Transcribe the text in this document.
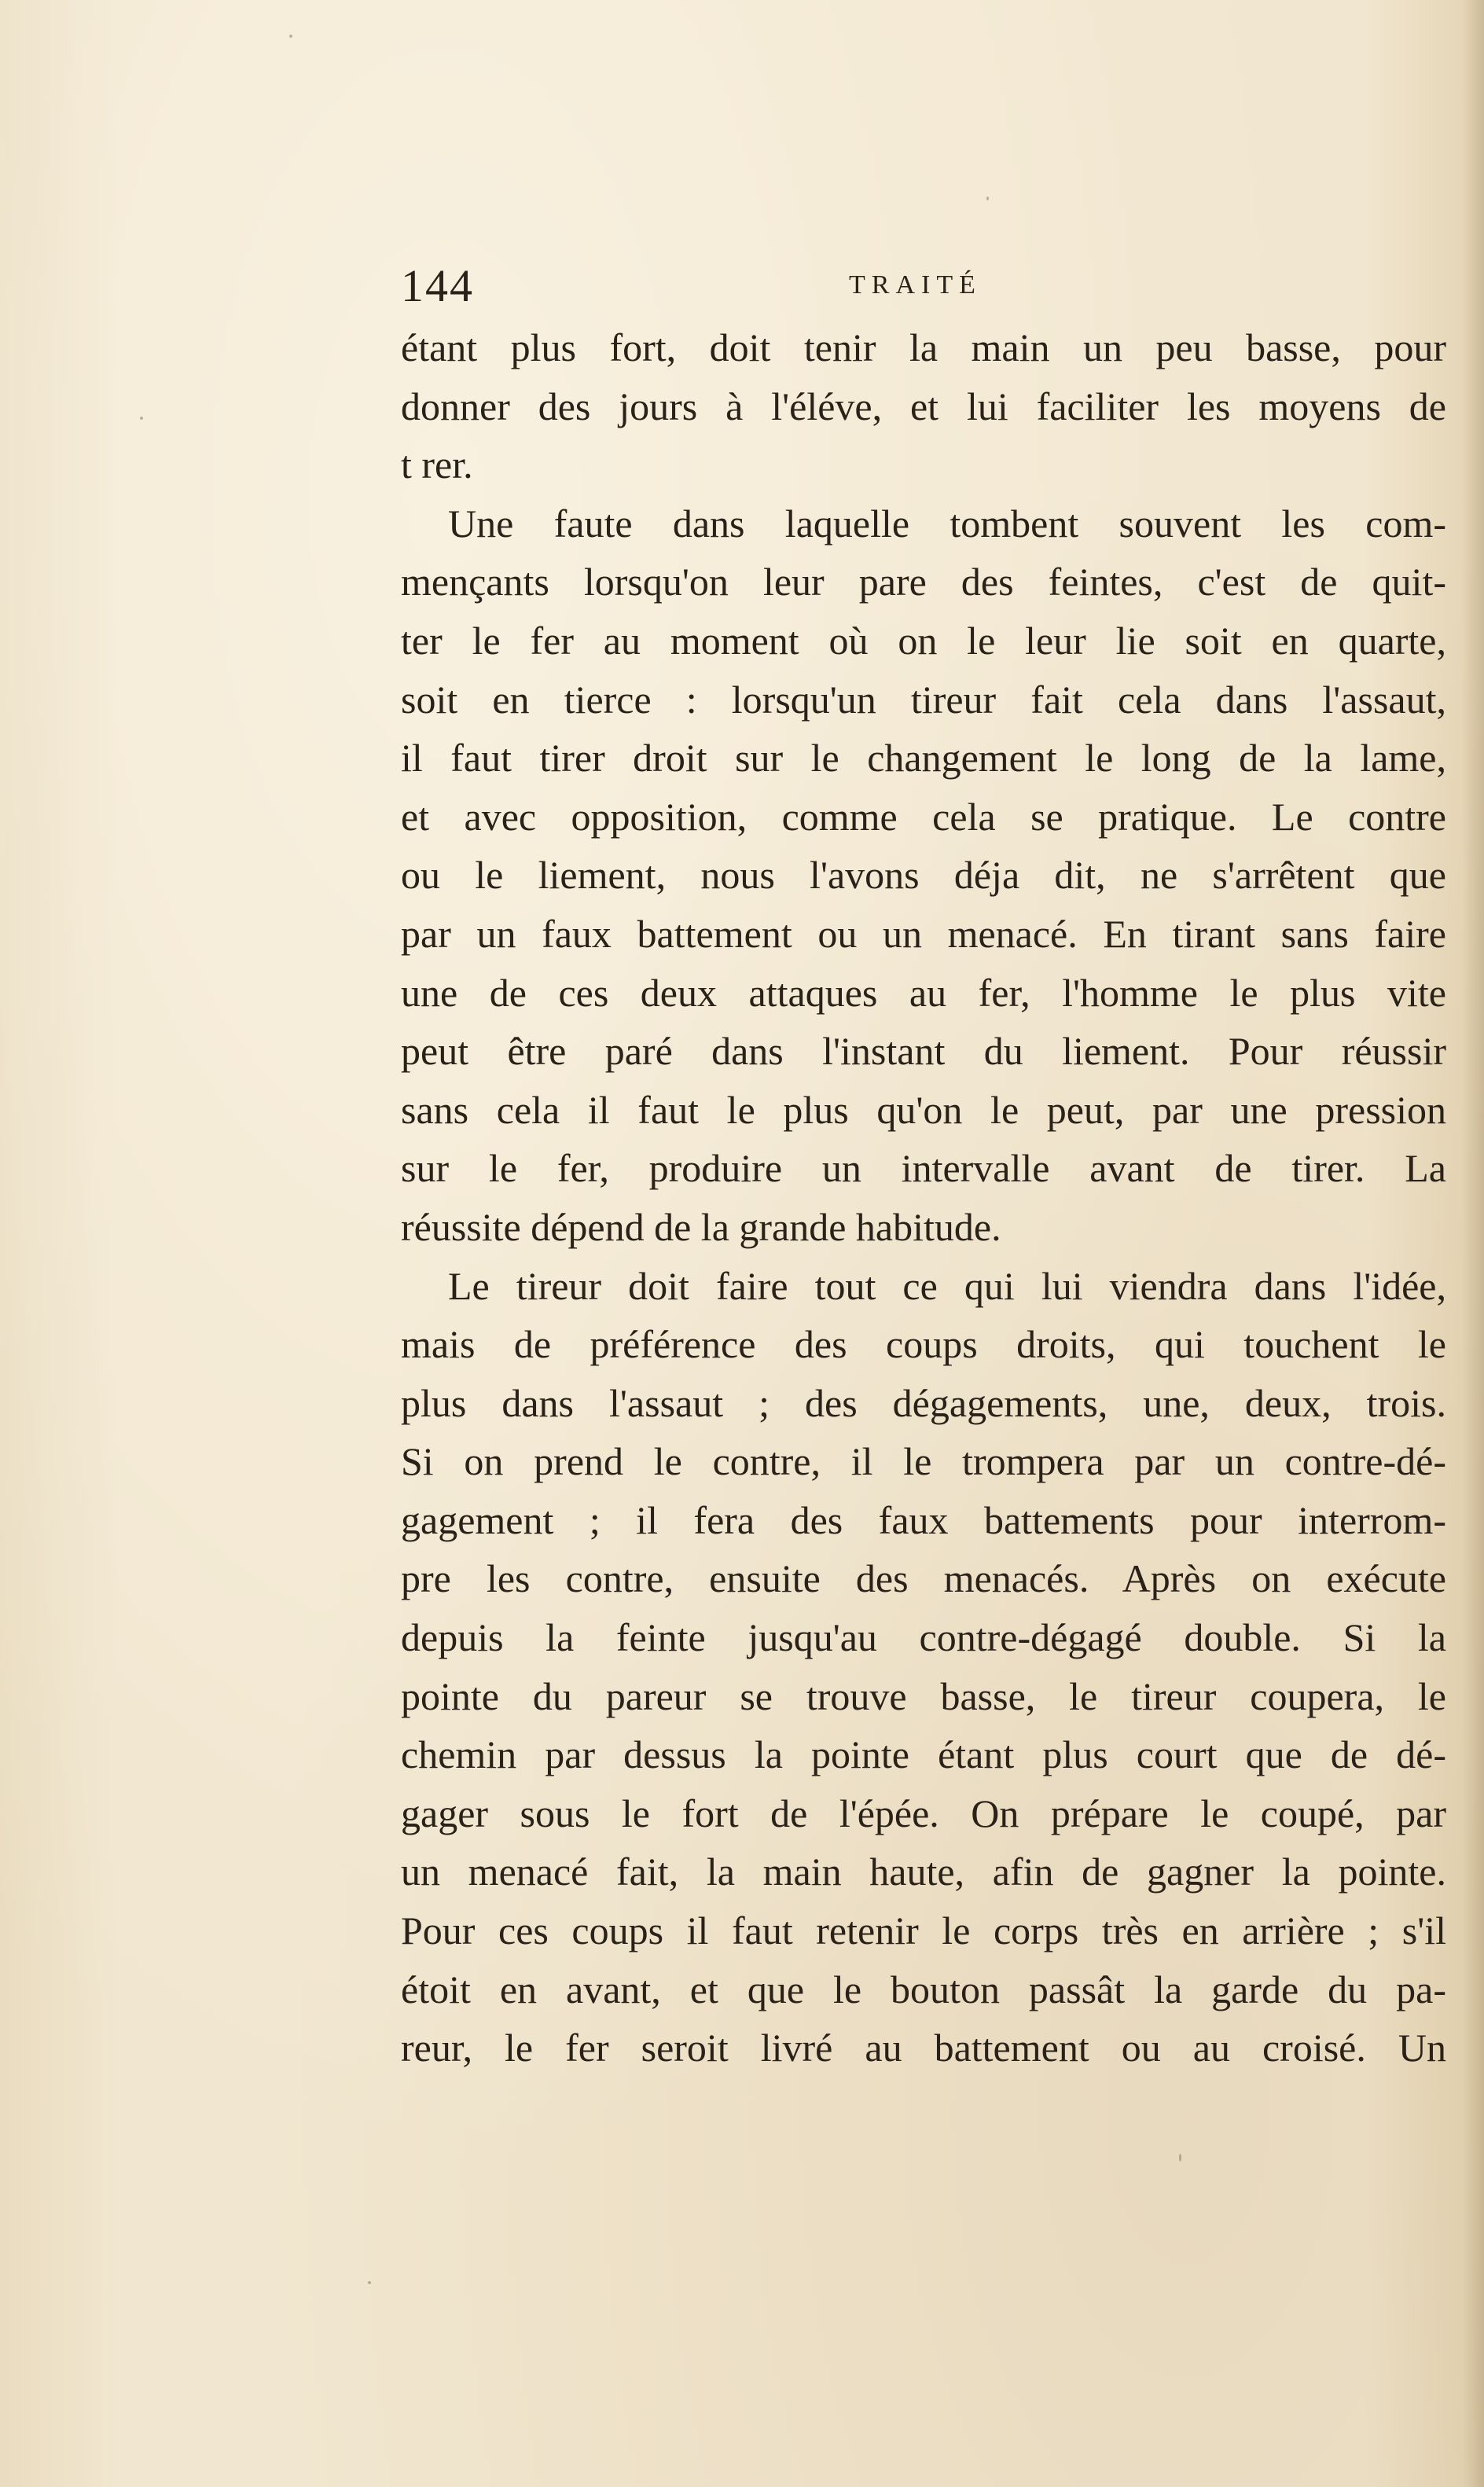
144	TRAITÉ
étant plus fort, doit tenir la main un peu basse, pour
donner des jours à l'éléve, et lui faciliter les moyens de
t rer.
Une faute dans laquelle tombent souvent les com-
mençants lorsqu'on leur pare des feintes, c'est de quit-
ter le fer au moment où on le leur lie soit en quarte,
soit en tierce : lorsqu'un tireur fait cela dans l'assaut,
il faut tirer droit sur le changement le long de la lame,
et avec opposition, comme cela se pratique. Le contre
ou le liement, nous l'avons déja dit, ne s'arrêtent que
par un faux battement ou un menacé. En tirant sans faire
une de ces deux attaques au fer, l'homme le plus vite
peut être paré dans l'instant du liement. Pour réussir
sans cela il faut le plus qu'on le peut, par une pression
sur le fer, produire un intervalle avant de tirer. La
réussite dépend de la grande habitude.
Le tireur doit faire tout ce qui lui viendra dans l'idée,
mais de préférence des coups droits, qui touchent le
plus dans l'assaut ; des dégagements, une, deux, trois.
Si on prend le contre, il le trompera par un contre-dé-
gagement ; il fera des faux battements pour interrom-
pre les contre, ensuite des menacés. Après on exécute
depuis la feinte jusqu'au contre-dégagé double. Si la
pointe du pareur se trouve basse, le tireur coupera, le
chemin par dessus la pointe étant plus court que de dé-
gager sous le fort de l'épée. On prépare le coupé, par
un menacé fait, la main haute, afin de gagner la pointe.
Pour ces coups il faut retenir le corps très en arrière ; s'il
étoit en avant, et que le bouton passât la garde du pa-
reur, le fer seroit livré au battement ou au croisé. Un
